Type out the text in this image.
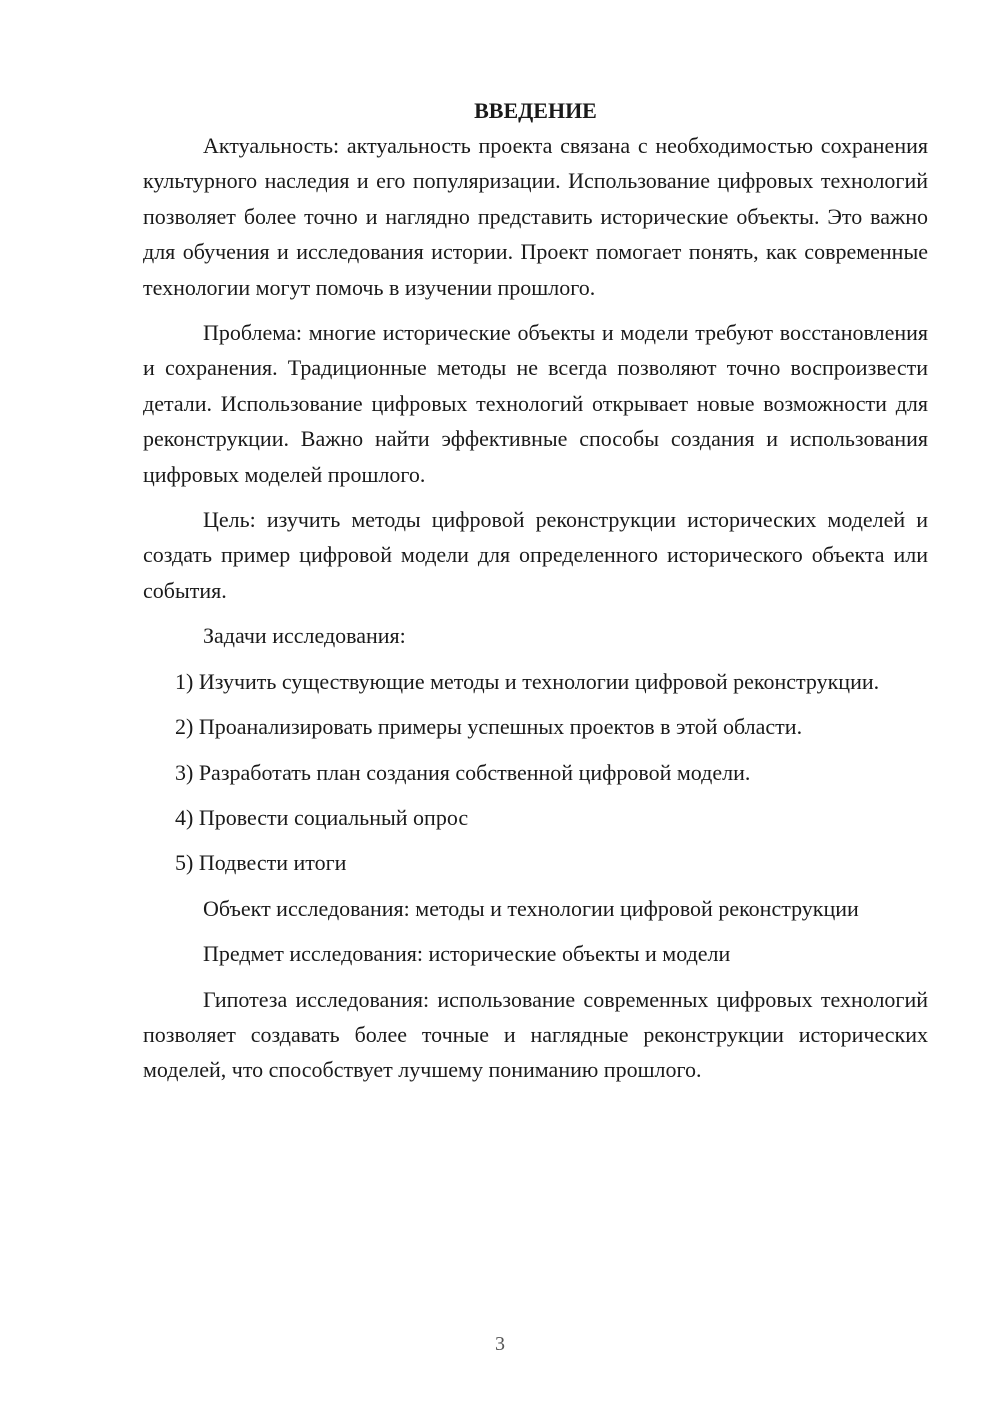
ВВЕДЕНИЕ

Актуальность: актуальность проекта связана с необходимостью сохранения культурного наследия и его популяризации. Использование цифровых технологий позволяет более точно и наглядно представить исторические объекты. Это важно для обучения и исследования истории. Проект помогает понять, как современные технологии могут помочь в изучении прошлого.

Проблема: многие исторические объекты и модели требуют восстановления и сохранения. Традиционные методы не всегда позволяют точно воспроизвести детали. Использование цифровых технологий открывает новые возможности для реконструкции. Важно найти эффективные способы создания и использования цифровых моделей прошлого.

Цель: изучить методы цифровой реконструкции исторических моделей и создать пример цифровой модели для определенного исторического объекта или события.

Задачи исследования:

1) Изучить существующие методы и технологии цифровой реконструкции.

2) Проанализировать примеры успешных проектов в этой области.

3) Разработать план создания собственной цифровой модели.

4) Провести социальный опрос

5) Подвести итоги

Объект исследования: методы и технологии цифровой реконструкции

Предмет исследования: исторические объекты и модели

Гипотеза исследования: использование современных цифровых технологий позволяет создавать более точные и наглядные реконструкции исторических моделей, что способствует лучшему пониманию прошлого.

3
